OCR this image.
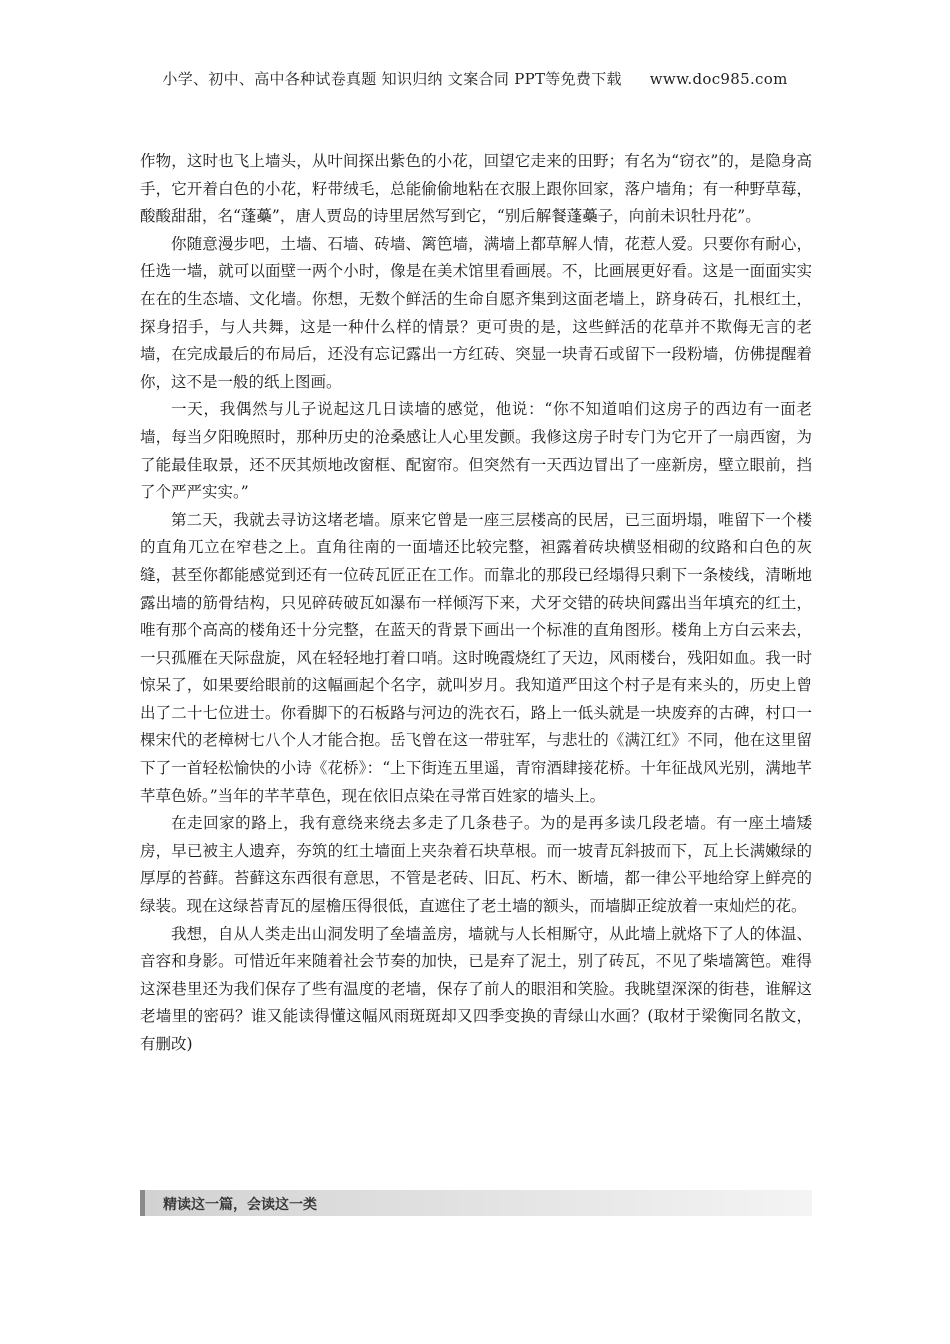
小学、初中、高中各种试卷真题 知识归纳 文案合同 PPT等免费下载 www.doc985.com

作物，这时也飞上墙头，从叶间探出紫色的小花，回望它走来的田野；有名为“窃衣”的，是隐身高手，它开着白色的小花，籽带绒毛，总能偷偷地粘在衣服上跟你回家，落户墙角；有一种野草莓，酸酸甜甜，名“蓬蘽”，唐人贾岛的诗里居然写到它，“别后解餐蓬蘽子，向前未识牡丹花”。

你随意漫步吧，土墙、石墙、砖墙、篱笆墙，满墙上都草解人情，花惹人爱。只要你有耐心，任选一墙，就可以面壁一两个小时，像是在美术馆里看画展。不，比画展更好看。这是一面面实实在在的生态墙、文化墙。你想，无数个鲜活的生命自愿齐集到这面老墙上，跻身砖石，扎根红土，探身招手，与人共舞，这是一种什么样的情景？更可贵的是，这些鲜活的花草并不欺侮无言的老墙，在完成最后的布局后，还没有忘记露出一方红砖、突显一块青石或留下一段粉墙，仿佛提醒着你，这不是一般的纸上图画。

一天，我偶然与儿子说起这几日读墙的感觉，他说：“你不知道咱们这房子的西边有一面老墙，每当夕阳晚照时，那种历史的沧桑感让人心里发颤。我修这房子时专门为它开了一扇西窗，为了能最佳取景，还不厌其烦地改窗框、配窗帘。但突然有一天西边冒出了一座新房，壁立眼前，挡了个严严实实。”

第二天，我就去寻访这堵老墙。原来它曾是一座三层楼高的民居，已三面坍塌，唯留下一个楼的直角兀立在窄巷之上。直角往南的一面墙还比较完整，袒露着砖块横竖相砌的纹路和白色的灰缝，甚至你都能感觉到还有一位砖瓦匠正在工作。而靠北的那段已经塌得只剩下一条棱线，清晰地露出墙的筋骨结构，只见碎砖破瓦如瀑布一样倾泻下来，犬牙交错的砖块间露出当年填充的红土，唯有那个高高的楼角还十分完整，在蓝天的背景下画出一个标准的直角图形。楼角上方白云来去，一只孤雁在天际盘旋，风在轻轻地打着口哨。这时晚霞烧红了天边，风雨楼台，残阳如血。我一时惊呆了，如果要给眼前的这幅画起个名字，就叫岁月。我知道严田这个村子是有来头的，历史上曾出了二十七位进士。你看脚下的石板路与河边的洗衣石，路上一低头就是一块废弃的古碑，村口一棵宋代的老樟树七八个人才能合抱。岳飞曾在这一带驻军，与悲壮的《满江红》不同，他在这里留下了一首轻松愉快的小诗《花桥》：“上下街连五里遥，青帘酒肆接花桥。十年征战风光别，满地芊芊草色娇。”当年的芊芊草色，现在依旧点染在寻常百姓家的墙头上。

在走回家的路上，我有意绕来绕去多走了几条巷子。为的是再多读几段老墙。有一座土墙矮房，早已被主人遗弃，夯筑的红土墙面上夹杂着石块草根。而一坡青瓦斜披而下，瓦上长满嫩绿的厚厚的苔藓。苔藓这东西很有意思，不管是老砖、旧瓦、朽木、断墙，都一律公平地给穿上鲜亮的绿装。现在这绿苔青瓦的屋檐压得很低，直遮住了老土墙的额头，而墙脚正绽放着一束灿烂的花。

我想，自从人类走出山洞发明了垒墙盖房，墙就与人长相厮守，从此墙上就烙下了人的体温、音容和身影。可惜近年来随着社会节奏的加快，已是弃了泥土，别了砖瓦，不见了柴墙篱笆。难得这深巷里还为我们保存了些有温度的老墙，保存了前人的眼泪和笑脸。我眺望深深的街巷，谁解这老墙里的密码？谁又能读得懂这幅风雨斑斑却又四季变换的青绿山水画？(取材于梁衡同名散文，有删改)

精读这一篇，会读这一类
